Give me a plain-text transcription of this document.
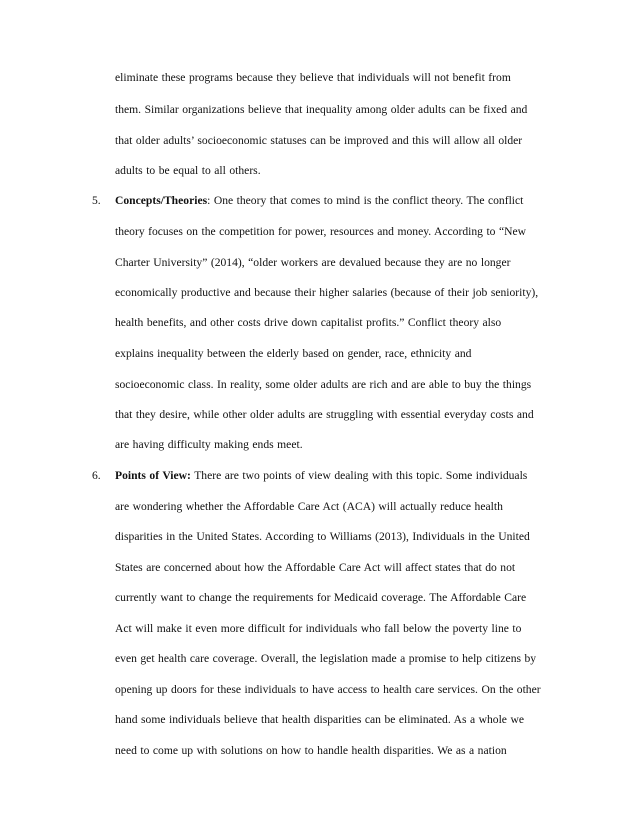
eliminate these programs because they believe that individuals will not benefit from
them. Similar organizations believe that inequality among older adults can be fixed and
that older adults’ socioeconomic statuses can be improved and this will allow all older
adults to be equal to all others.
5. Concepts/Theories: One theory that comes to mind is the conflict theory. The conflict
theory focuses on the competition for power, resources and money. According to “New
Charter University” (2014), “older workers are devalued because they are no longer
economically productive and because their higher salaries (because of their job seniority),
health benefits, and other costs drive down capitalist profits.” Conflict theory also
explains inequality between the elderly based on gender, race, ethnicity and
socioeconomic class. In reality, some older adults are rich and are able to buy the things
that they desire, while other older adults are struggling with essential everyday costs and
are having difficulty making ends meet.
6. Points of View: There are two points of view dealing with this topic. Some individuals
are wondering whether the Affordable Care Act (ACA) will actually reduce health
disparities in the United States. According to Williams (2013), Individuals in the United
States are concerned about how the Affordable Care Act will affect states that do not
currently want to change the requirements for Medicaid coverage. The Affordable Care
Act will make it even more difficult for individuals who fall below the poverty line to
even get health care coverage. Overall, the legislation made a promise to help citizens by
opening up doors for these individuals to have access to health care services. On the other
hand some individuals believe that health disparities can be eliminated. As a whole we
need to come up with solutions on how to handle health disparities. We as a nation
